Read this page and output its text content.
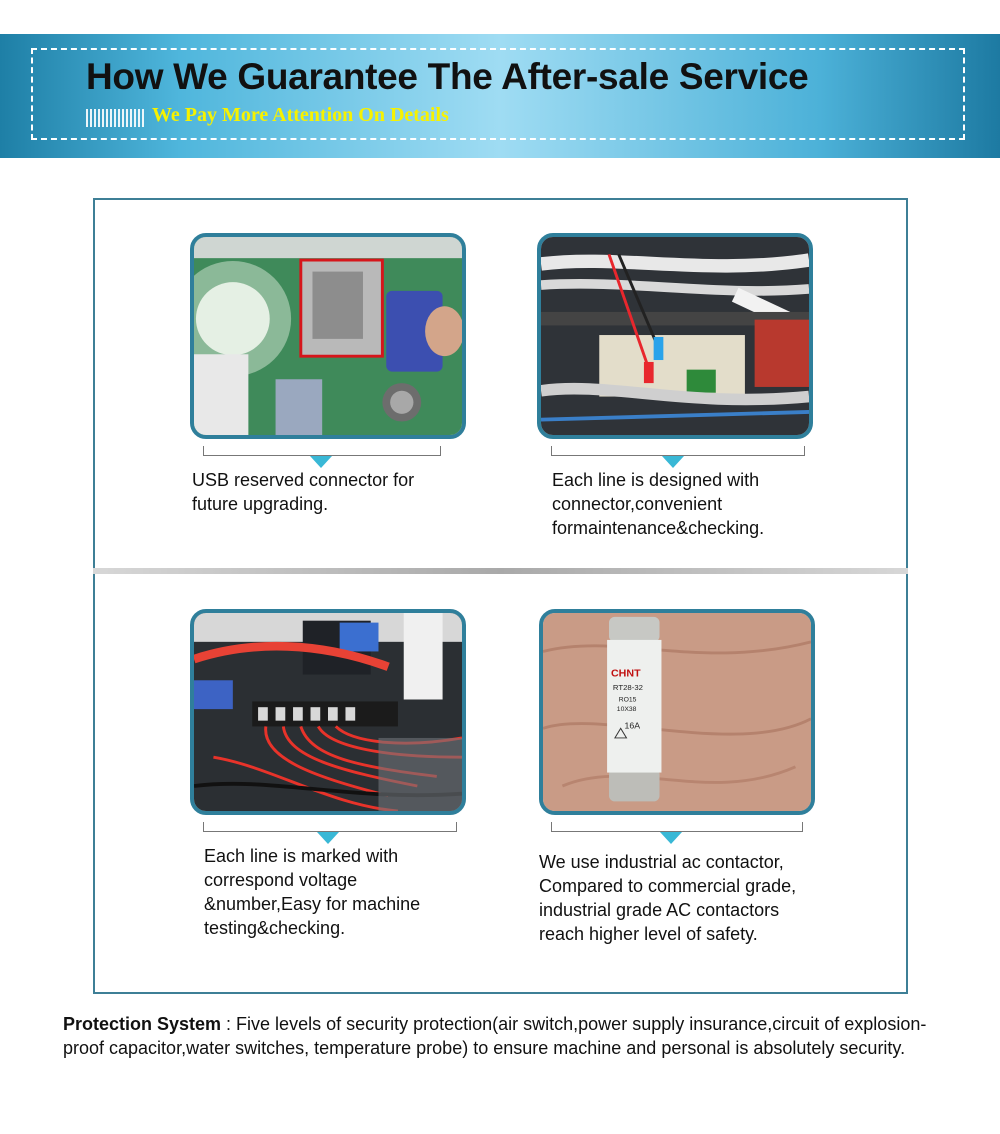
How We Guarantee The After-sale Service
We Pay More Attention On Details

USB reserved connector for
future upgrading.

Each line is designed with
connector,convenient
formaintenance&checking.

Each line is marked with
correspond voltage
&number,Easy for machine
testing&checking.

CHNT
RT28-32
RO15
10X38
16A

We use industrial ac contactor,
Compared to commercial grade,
industrial grade AC contactors
reach higher level of safety.

Protection System : Five levels of security protection(air switch,power supply insurance,circuit of explosion-proof capacitor,water switches, temperature probe) to ensure machine and personal is absolutely security.
